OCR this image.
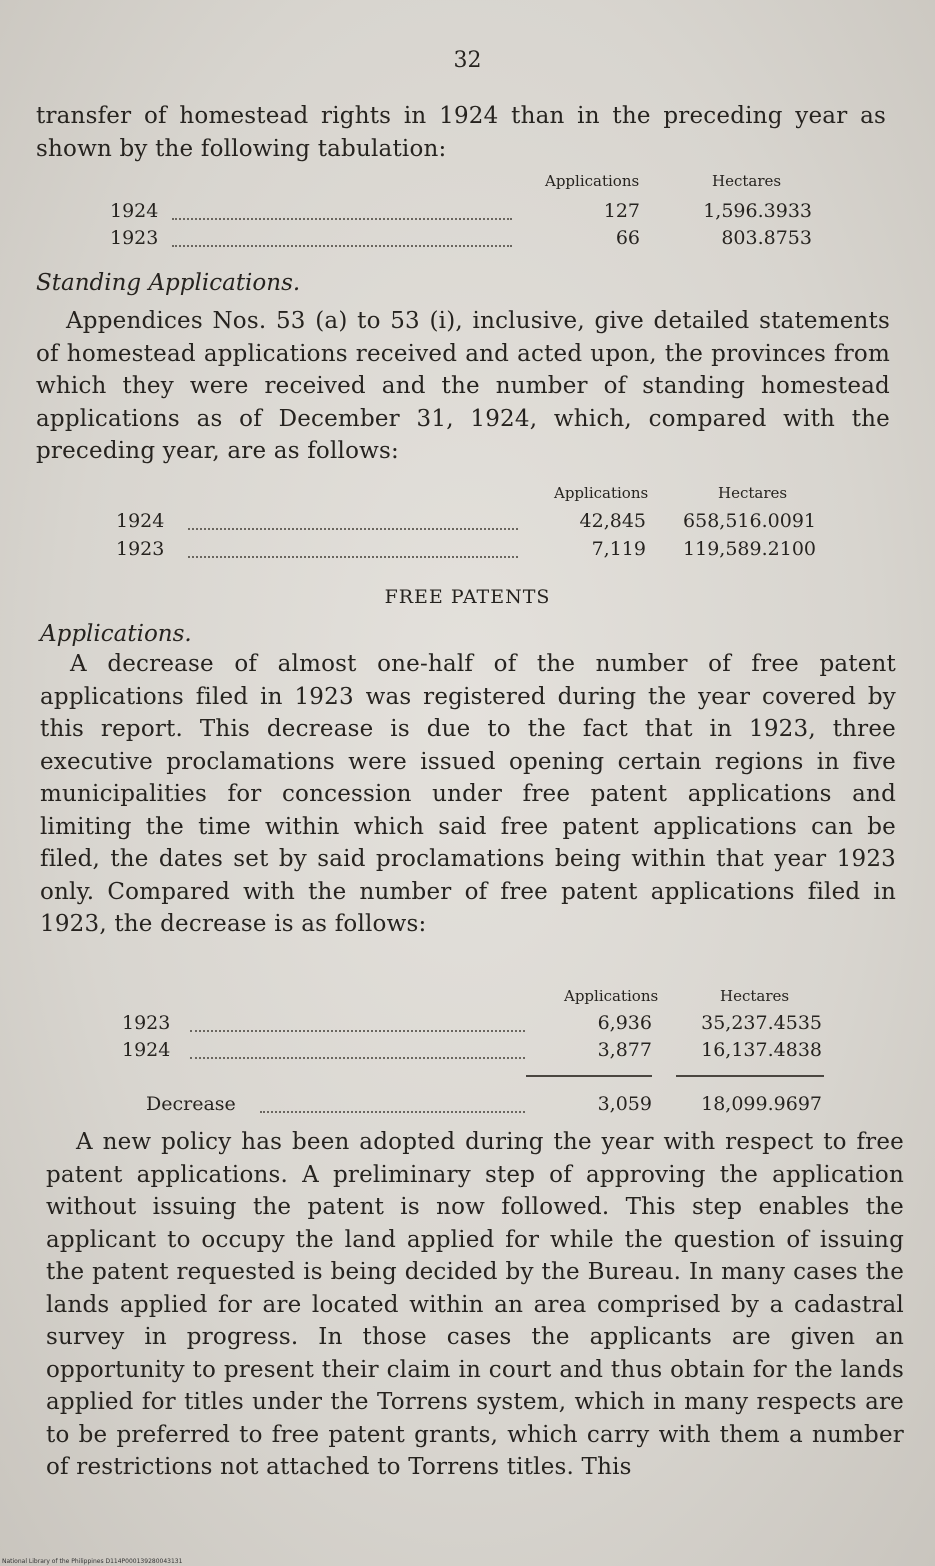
32

transfer of homestead rights in 1924 than in the preceding year as shown by the following tabulation:

Applications	Hectares
1924	127	1,596.3933
1923	66	803.8753

Standing Applications.

Appendices Nos. 53 (a) to 53 (i), inclusive, give detailed statements of homestead applications received and acted upon, the provinces from which they were received and the number of standing homestead applications as of December 31, 1924, which, compared with the preceding year, are as follows:

Applications	Hectares
1924	42,845	658,516.0091
1923	7,119	119,589.2100

FREE PATENTS

Applications.

A decrease of almost one-half of the number of free patent applications filed in 1923 was registered during the year covered by this report. This decrease is due to the fact that in 1923, three executive proclamations were issued opening certain regions in five municipalities for concession under free patent applications and limiting the time within which said free patent applications can be filed, the dates set by said proclamations being within that year 1923 only. Compared with the number of free patent applications filed in 1923, the decrease is as follows:

Applications	Hectares
1923	6,936	35,237.4535
1924	3,877	16,137.4838
Decrease	3,059	18,099.9697

A new policy has been adopted during the year with respect to free patent applications. A preliminary step of approving the application without issuing the patent is now followed. This step enables the applicant to occupy the land applied for while the question of issuing the patent requested is being decided by the Bureau. In many cases the lands applied for are located within an area comprised by a cadastral survey in progress. In those cases the applicants are given an opportunity to present their claim in court and thus obtain for the lands applied for titles under the Torrens system, which in many respects are to be preferred to free patent grants, which carry with them a number of restrictions not attached to Torrens titles. This

National Library of the Philippines D114P000139280043131
